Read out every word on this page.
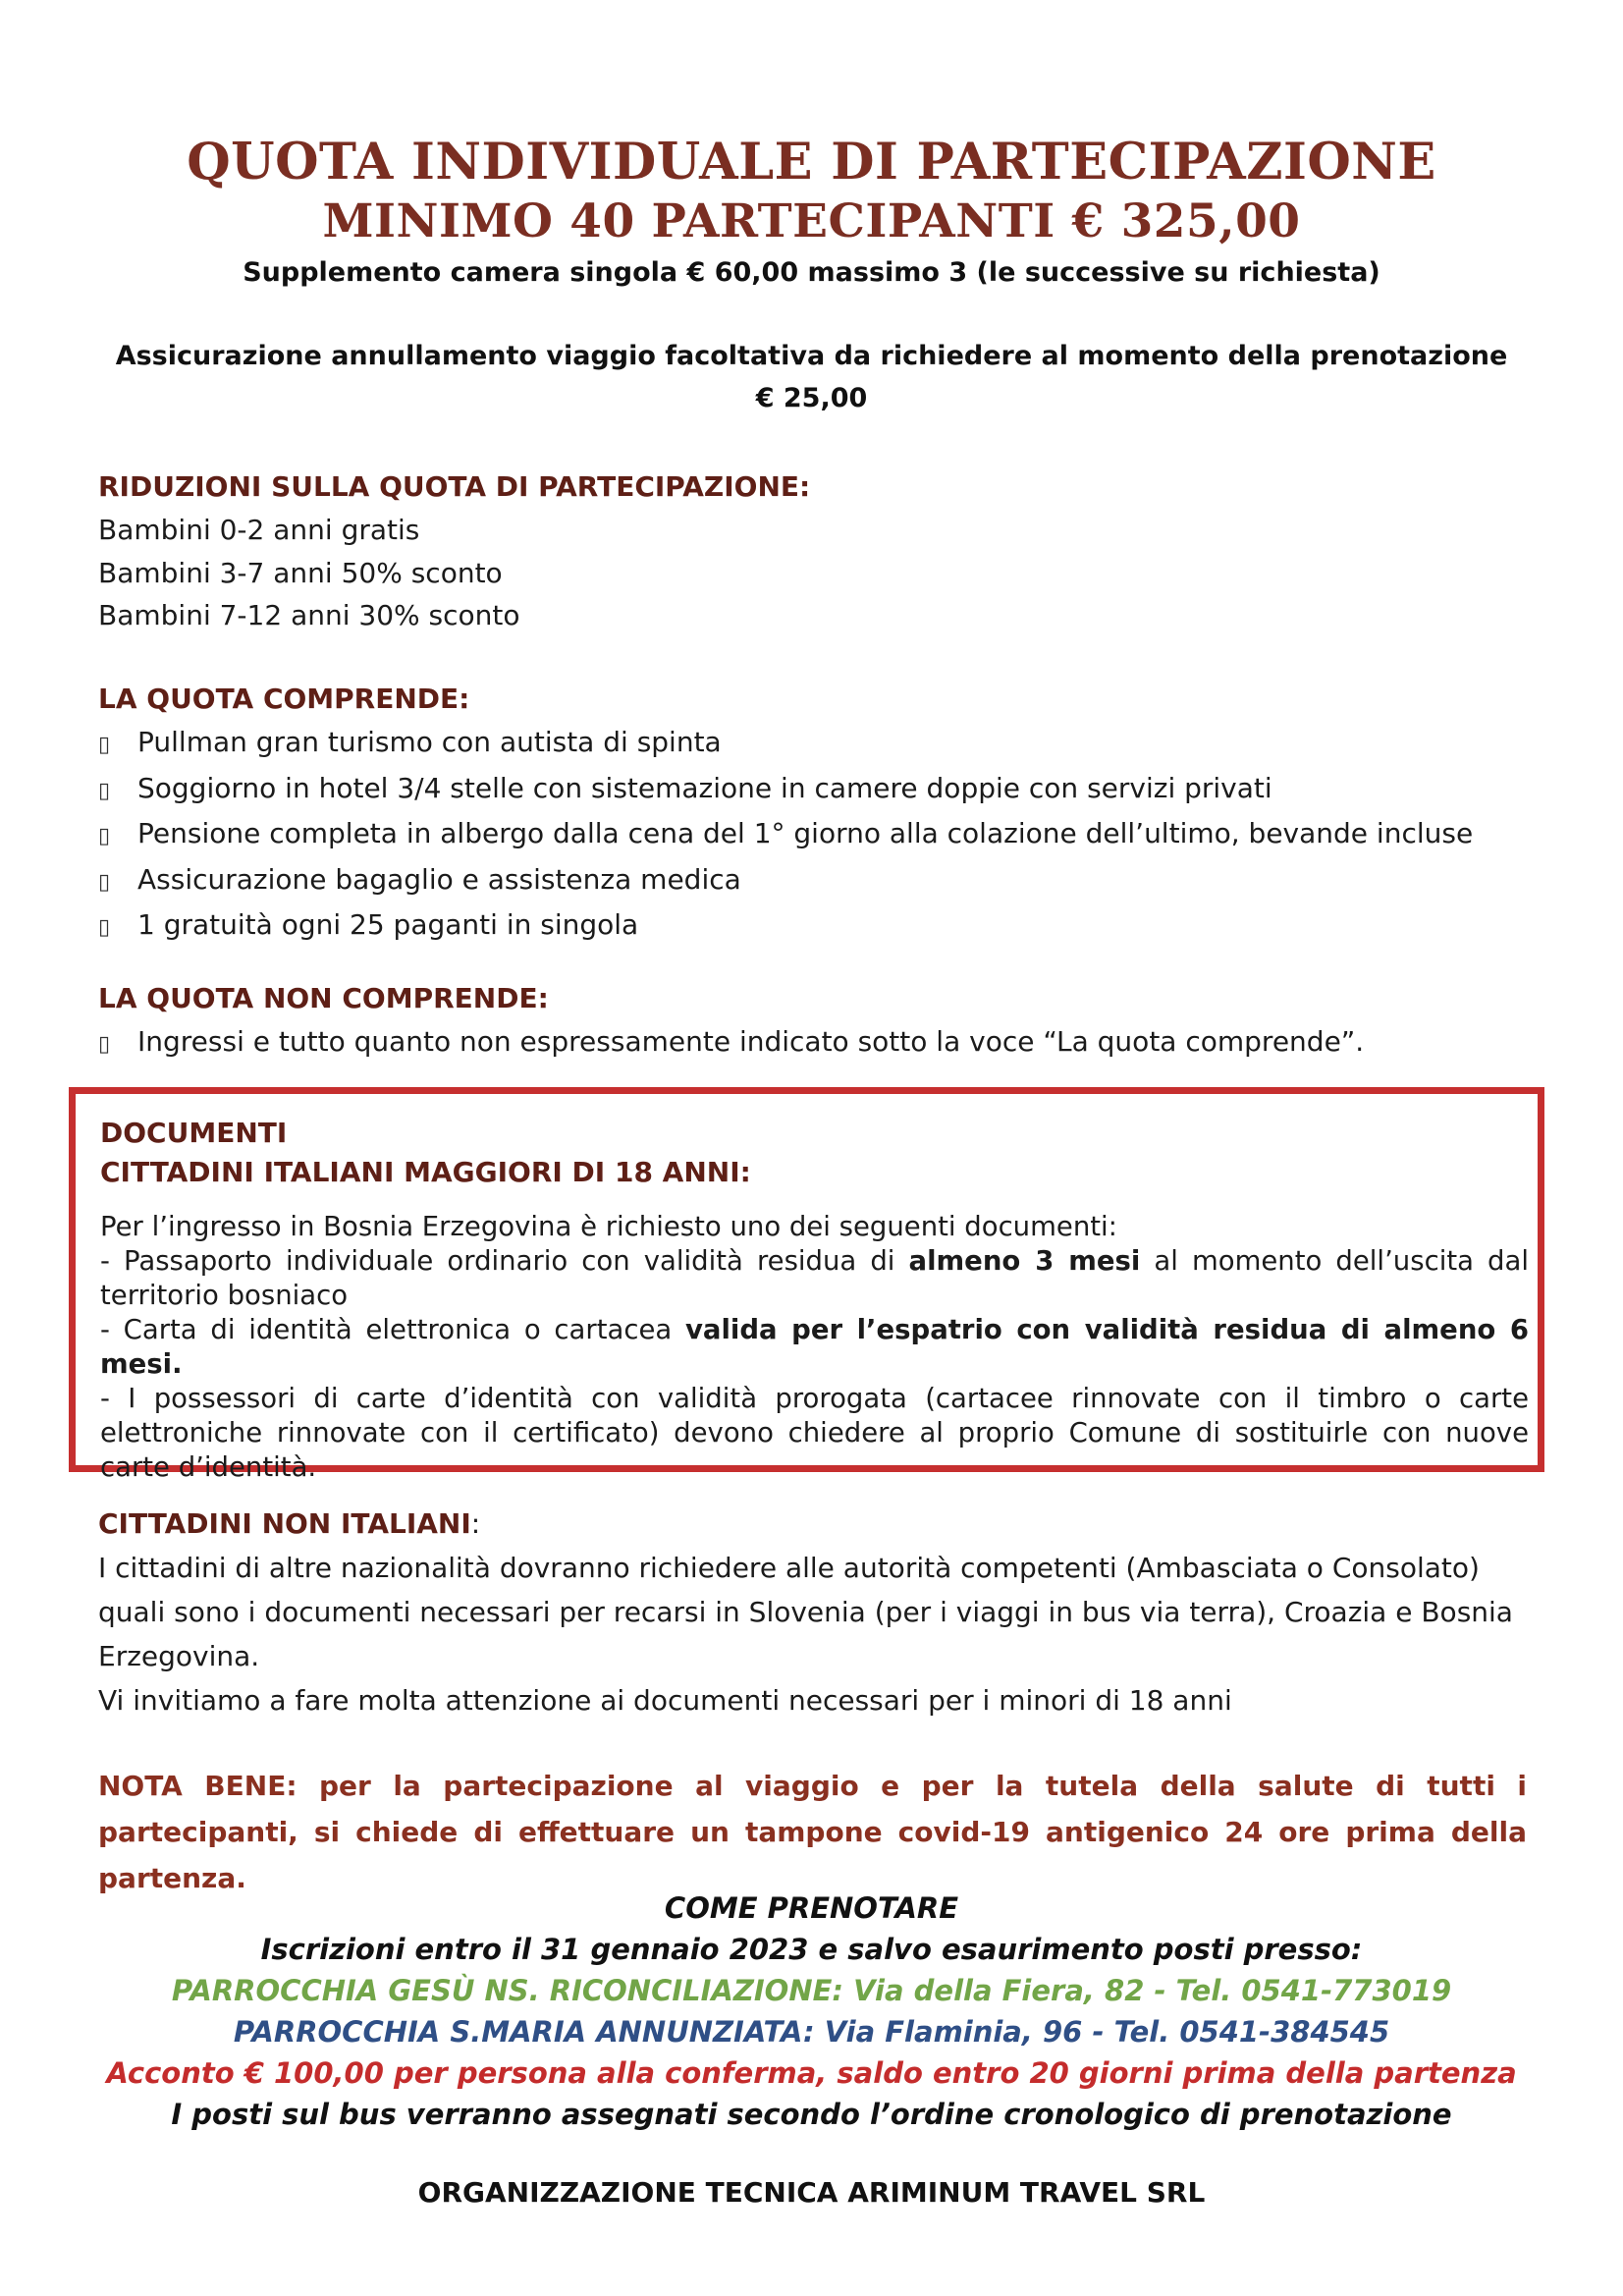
QUOTA INDIVIDUALE DI PARTECIPAZIONE
MINIMO 40 PARTECIPANTI € 325,00
Supplemento camera singola € 60,00 massimo 3 (le successive su richiesta)
Assicurazione annullamento viaggio facoltativa da richiedere al momento della prenotazione
€ 25,00
RIDUZIONI SULLA QUOTA DI PARTECIPAZIONE:
Bambini 0-2 anni gratis
Bambini 3-7 anni 50% sconto
Bambini 7-12 anni 30% sconto
LA QUOTA COMPRENDE:
▯ Pullman gran turismo con autista di spinta
▯ Soggiorno in hotel 3/4 stelle con sistemazione in camere doppie con servizi privati
▯ Pensione completa in albergo dalla cena del 1° giorno alla colazione dell’ultimo, bevande incluse
▯ Assicurazione bagaglio e assistenza medica
▯ 1 gratuità ogni 25 paganti in singola
LA QUOTA NON COMPRENDE:
▯ Ingressi e tutto quanto non espressamente indicato sotto la voce “La quota comprende”.
DOCUMENTI
CITTADINI ITALIANI MAGGIORI DI 18 ANNI:

Per l’ingresso in Bosnia Erzegovina è richiesto uno dei seguenti documenti:

- Passaporto individuale ordinario con validità residua di almeno 3 mesi al momento dell’uscita dal territorio bosniaco

- Carta di identità elettronica o cartacea valida per l’espatrio con validità residua di almeno 6 mesi.

- I possessori di carte d’identità con validità prorogata (cartacee rinnovate con il timbro o carte elettroniche rinnovate con il certificato) devono chiedere al proprio Comune di sostituirle con nuove carte d’identità.

CITTADINI NON ITALIANI:
I cittadini di altre nazionalità dovranno richiedere alle autorità competenti (Ambasciata o Consolato)
quali sono i documenti necessari per recarsi in Slovenia (per i viaggi in bus via terra), Croazia e Bosnia
Erzegovina.
Vi invitiamo a fare molta attenzione ai documenti necessari per i minori di 18 anni
NOTA BENE: per la partecipazione al viaggio e per la tutela della salute di tutti i partecipanti, si chiede di effettuare un tampone covid-19 antigenico 24 ore prima della partenza.
COME PRENOTARE
Iscrizioni entro il 31 gennaio 2023 e salvo esaurimento posti presso:
PARROCCHIA GESÙ NS. RICONCILIAZIONE: Via della Fiera, 82 - Tel. 0541-773019
PARROCCHIA S.MARIA ANNUNZIATA: Via Flaminia, 96 - Tel. 0541-384545
Acconto € 100,00 per persona alla conferma, saldo entro 20 giorni prima della partenza
I posti sul bus verranno assegnati secondo l’ordine cronologico di prenotazione
ORGANIZZAZIONE TECNICA ARIMINUM TRAVEL SRL
